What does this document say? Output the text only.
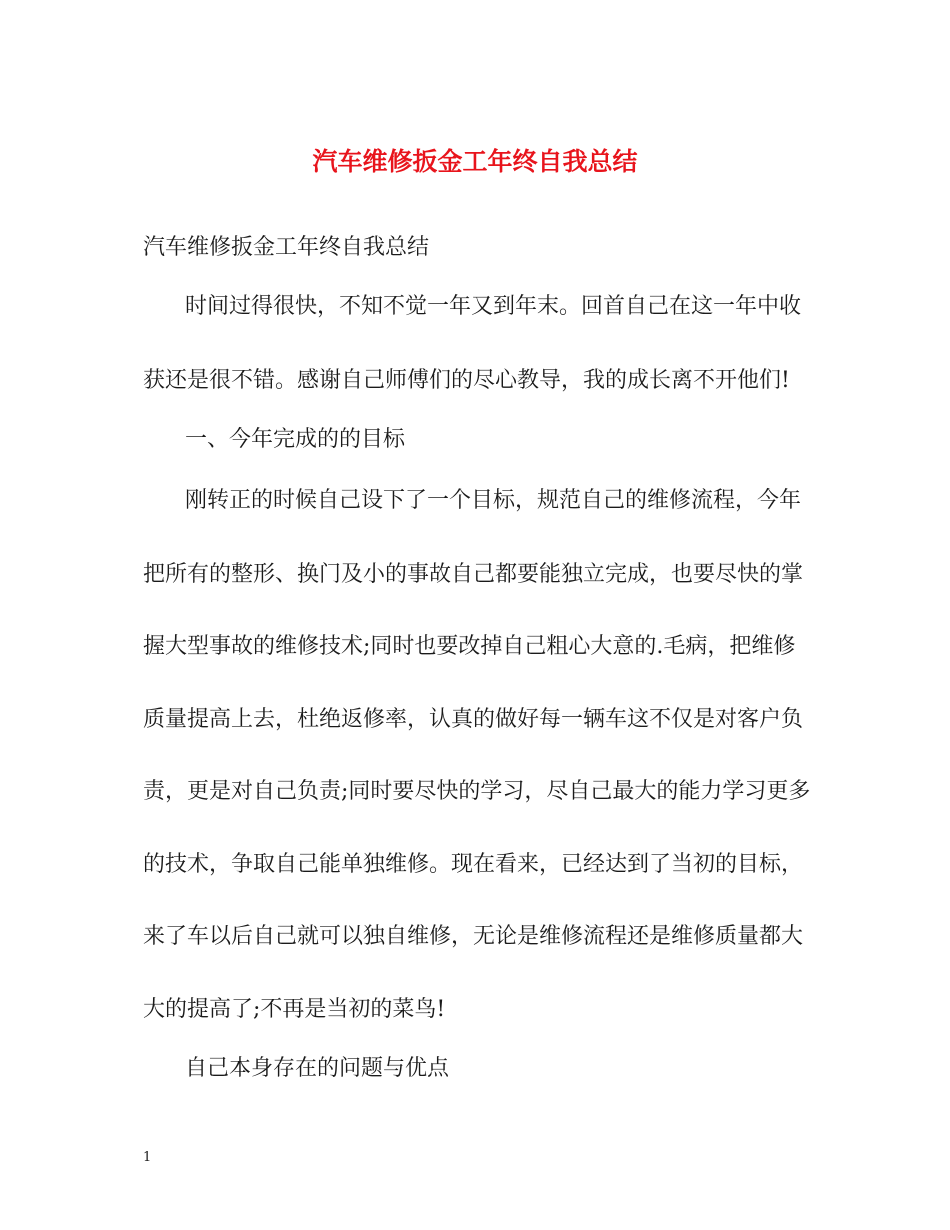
汽车维修扳金工年终自我总结

汽车维修扳金工年终自我总结

时间过得很快，不知不觉一年又到年末。回首自己在这一年中收

获还是很不错。感谢自己师傅们的尽心教导，我的成长离不开他们!

一、今年完成的的目标

刚转正的时候自己设下了一个目标，规范自己的维修流程，今年

把所有的整形、换门及小的事故自己都要能独立完成，也要尽快的掌

握大型事故的维修技术;同时也要改掉自己粗心大意的.毛病，把维修

质量提高上去，杜绝返修率，认真的做好每一辆车这不仅是对客户负

责，更是对自己负责;同时要尽快的学习，尽自己最大的能力学习更多

的技术，争取自己能单独维修。现在看来，已经达到了当初的目标，

来了车以后自己就可以独自维修，无论是维修流程还是维修质量都大

大的提高了;不再是当初的菜鸟!

自己本身存在的问题与优点

1
